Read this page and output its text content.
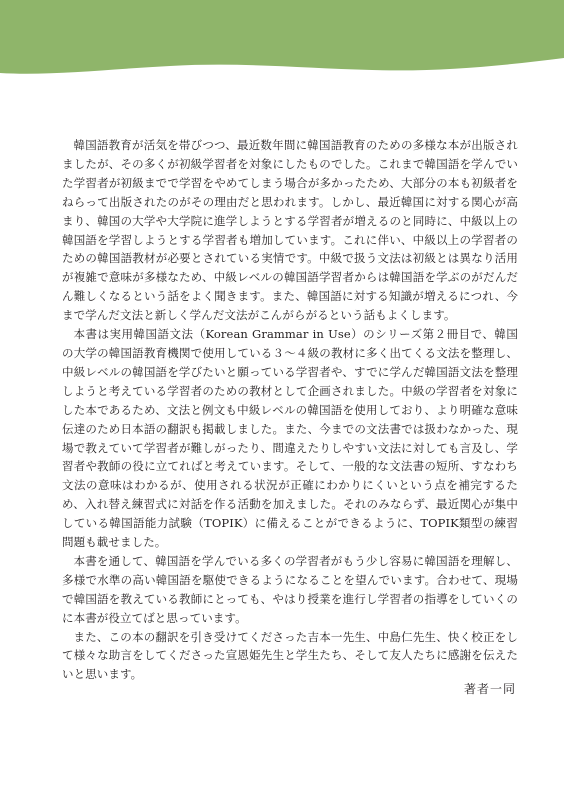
韓国語教育が活気を帯びつつ、最近数年間に韓国語教育のための多様な本が出版されましたが、その多くが初級学習者を対象にしたものでした。これまで韓国語を学んでいた学習者が初級までで学習をやめてしまう場合が多かったため、大部分の本も初級者をねらって出版されたのがその理由だと思われます。しかし、最近韓国に対する関心が高まり、韓国の大学や大学院に進学しようとする学習者が増えるのと同時に、中級以上の韓国語を学習しようとする学習者も増加しています。これに伴い、中級以上の学習者のための韓国語教材が必要とされている実情です。中級で扱う文法は初級とは異なり活用が複雑で意味が多様なため、中級レベルの韓国語学習者からは韓国語を学ぶのがだんだん難しくなるという話をよく聞きます。また、韓国語に対する知識が増えるにつれ、今まで学んだ文法と新しく学んだ文法がこんがらがるという話もよくします。

本書は実用韓国語文法（Korean Grammar in Use）のシリーズ第２冊目で、韓国の大学の韓国語教育機関で使用している３～４級の教材に多く出てくる文法を整理し、中級レベルの韓国語を学びたいと願っている学習者や、すでに学んだ韓国語文法を整理しようと考えている学習者のための教材として企画されました。中級の学習者を対象にした本であるため、文法と例文も中級レベルの韓国語を使用しており、より明確な意味伝達のため日本語の翻訳も掲載しました。また、今までの文法書では扱わなかった、現場で教えていて学習者が難しがったり、間違えたりしやすい文法に対しても言及し、学習者や教師の役に立てればと考えています。そして、一般的な文法書の短所、すなわち文法の意味はわかるが、使用される状況が正確にわかりにくいという点を補完するため、入れ替え練習式に対話を作る活動を加えました。それのみならず、最近関心が集中している韓国語能力試験（TOPIK）に備えることができるように、TOPIK類型の練習問題も載せました。

本書を通して、韓国語を学んでいる多くの学習者がもう少し容易に韓国語を理解し、多様で水準の高い韓国語を駆使できるようになることを望んでいます。合わせて、現場で韓国語を教えている教師にとっても、やはり授業を進行し学習者の指導をしていくのに本書が役立てばと思っています。

また、この本の翻訳を引き受けてくださった吉本一先生、中島仁先生、快く校正をして様々な助言をしてくださった宣恩姫先生と学生たち、そして友人たちに感謝を伝えたいと思います。

著者一同
